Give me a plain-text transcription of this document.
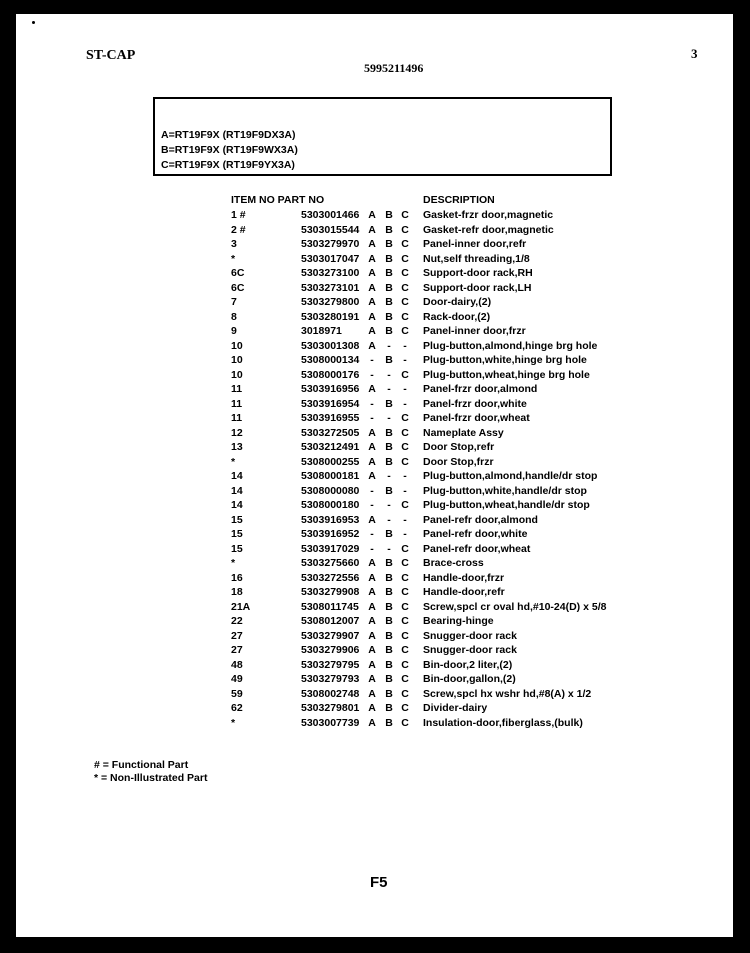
ST-CAP
5995211496
3
A=RT19F9X (RT19F9DX3A)
B=RT19F9X (RT19F9WX3A)
C=RT19F9X (RT19F9YX3A)
ITEM NO PART NO	DESCRIPTION
1 #	5303001466 A B C Gasket-frzr door,magnetic
2 #	5303015544 A B C Gasket-refr door,magnetic
3	5303279970 A B C Panel-inner door,refr
*	5303017047 A B C Nut,self threading,1/8
6C	5303273100 A B C Support-door rack,RH
6C	5303273101 A B C Support-door rack,LH
7	5303279800 A B C Door-dairy,(2)
8	5303280191 A B C Rack-door,(2)
9	3018971	A B C Panel-inner door,frzr
10	5303001308 A	-	-	Plug-button,almond,hinge brg hole
10	5308000134	-	B -	Plug-button,white,hinge brg hole
10	5308000176	-	- C Plug-button,wheat,hinge brg hole
11	5303916956 A	-	-	Panel-frzr door,almond
11	5303916954	-	B -	Panel-frzr door,white
11	5303916955	-	- C Panel-frzr door,wheat
12	5303272505 A B C Nameplate Assy
13	5303212491 A B C Door Stop,refr
*	5308000255 A B C Door Stop,frzr
14	5308000181 A	-	-	Plug-button,almond,handle/dr stop
14	5308000080	-	B -	Plug-button,white,handle/dr stop
14	5308000180	-	- C Plug-button,wheat,handle/dr stop
15	5303916953 A	-	-	Panel-refr door,almond
15	5303916952	-	B -	Panel-refr door,white
15	5303917029	-	- C Panel-refr door,wheat
*	5303275660 A B C Brace-cross
16	5303272556 A B C Handle-door,frzr
18	5303279908 A B C Handle-door,refr
21A	5308011745 A B C Screw,spcl cr oval hd,#10-24(D) x 5/8
22	5308012007 A B C Bearing-hinge
27	5303279907 A B C Snugger-door rack
27	5303279906 A B C Snugger-door rack
48	5303279795 A B C Bin-door,2 liter,(2)
49	5303279793 A B C Bin-door,gallon,(2)
59	5308002748 A B C Screw,spcl hx wshr hd,#8(A) x 1/2
62	5303279801 A B C Divider-dairy
*	5303007739 A B C Insulation-door,fiberglass,(bulk)
# = Functional Part
* = Non-Illustrated Part
F5
